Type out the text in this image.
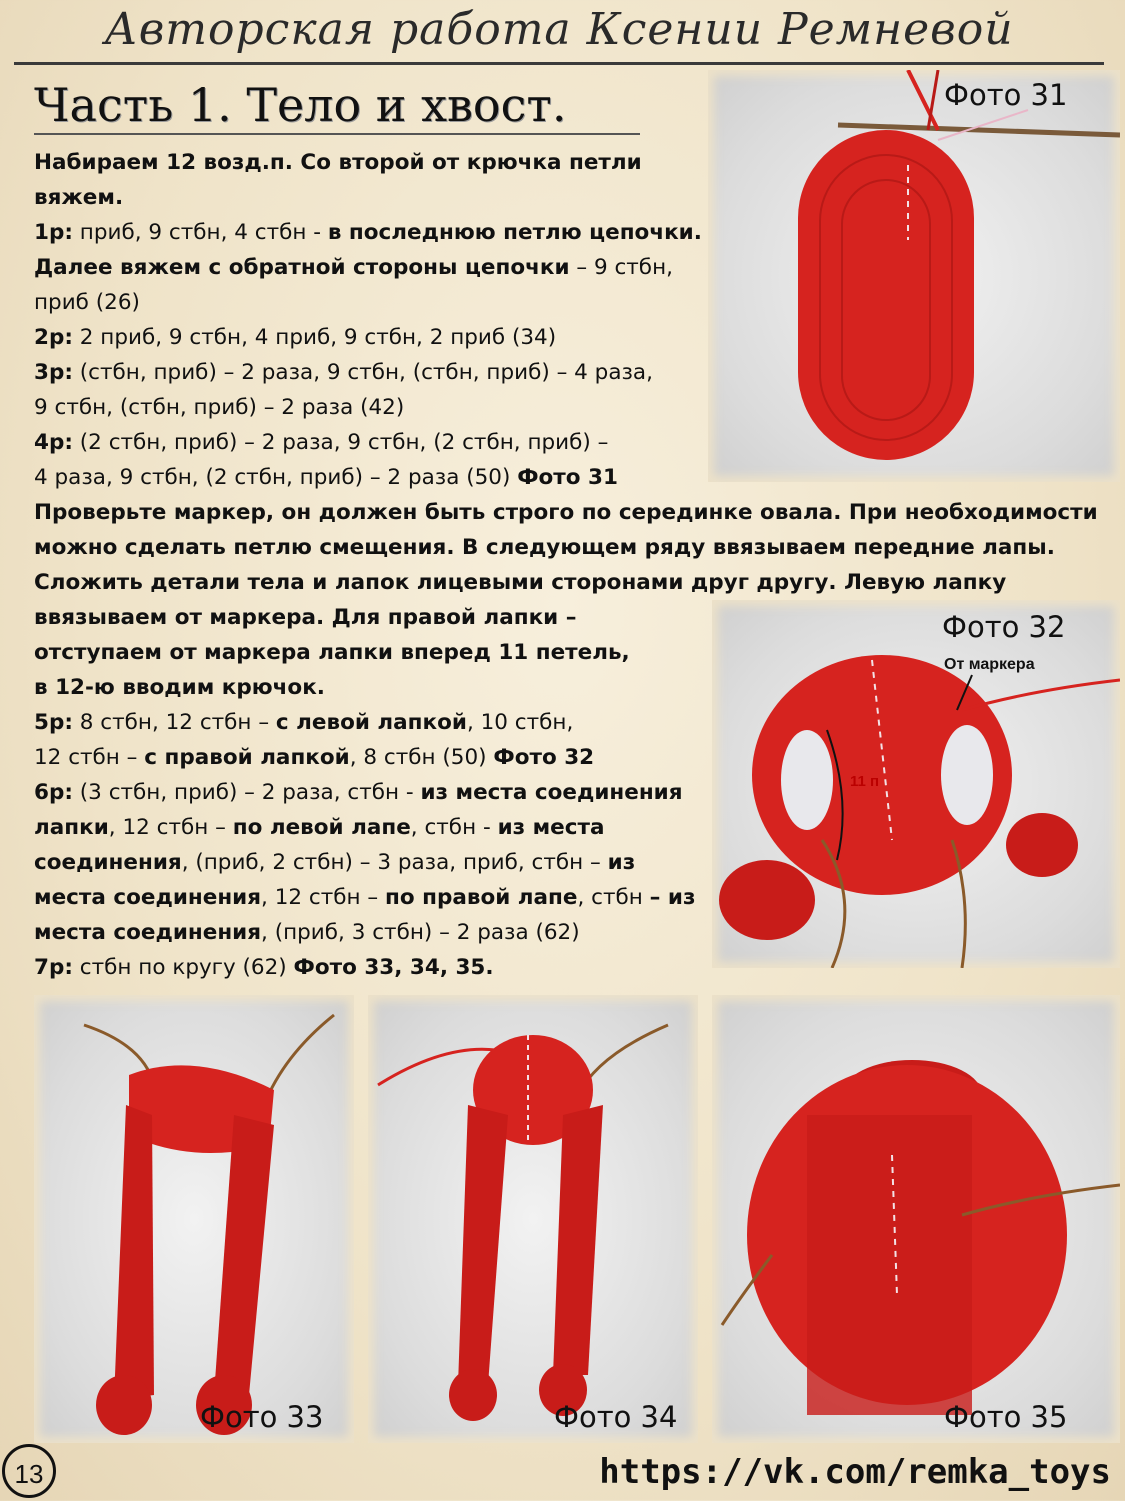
Авторская работа Ксении Ремневой
Часть 1. Тело и хвост.

Набираем 12 возд.п. Со второй от крючка петли

вяжем.

1р: приб, 9 стбн, 4 стбн - в последнюю петлю цепочки.

Далее вяжем с обратной стороны цепочки – 9 стбн,

приб (26)

2р: 2 приб, 9 стбн, 4 приб, 9 стбн, 2 приб (34)

3р: (стбн, приб) – 2 раза, 9 стбн, (стбн, приб) – 4 раза,

9 стбн, (стбн, приб) – 2 раза (42)

4р: (2 стбн, приб) – 2 раза, 9 стбн, (2 стбн, приб) –

4 раза, 9 стбн, (2 стбн, приб) – 2 раза (50) Фото 31

Проверьте маркер, он должен быть строго по серединке овала. При необходимости

можно сделать петлю смещения. В следующем ряду ввязываем передние лапы.

Сложить детали тела и лапок лицевыми сторонами друг другу. Левую лапку

ввязываем от маркера. Для правой лапки –

отступаем от маркера лапки вперед 11 петель,

в 12-ю вводим крючок.

5р: 8 стбн, 12 стбн – с левой лапкой, 10 стбн,

12 стбн – с правой лапкой, 8 стбн (50) Фото 32

6р: (3 стбн, приб) – 2 раза, стбн - из места соединения

лапки, 12 стбн – по левой лапе, стбн - из места

соединения, (приб, 2 стбн) – 3 раза, приб, стбн – из

места соединения, 12 стбн – по правой лапе, стбн – из

места соединения, (приб, 3 стбн) – 2 раза (62)

7р: стбн по кругу (62) Фото 33, 34, 35.

Фото 31
Фото 32
От маркера
11 п
Фото 33	Фото 34	Фото 35
13	https://vk.com/remka_toys
